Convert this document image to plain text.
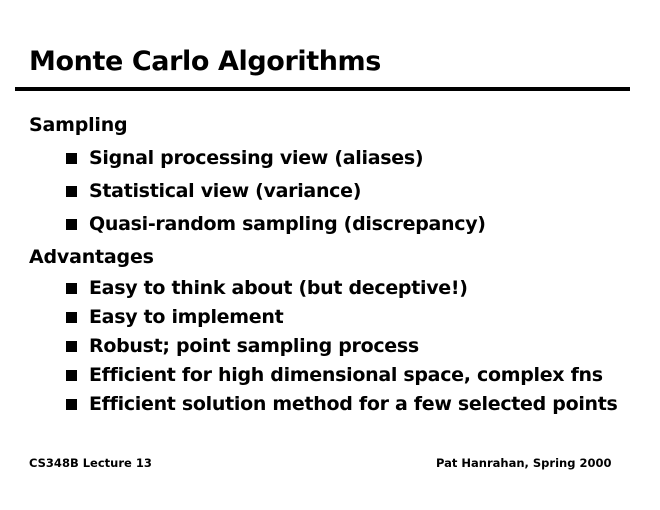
Monte Carlo Algorithms
Sampling
Signal processing view (aliases)
Statistical view (variance)
Quasi-random sampling (discrepancy)
Advantages
Easy to think about (but deceptive!)
Easy to implement
Robust; point sampling process
Efficient for high dimensional space, complex fns
Efficient solution method for a few selected points
CS348B Lecture 13	Pat Hanrahan, Spring 2000
